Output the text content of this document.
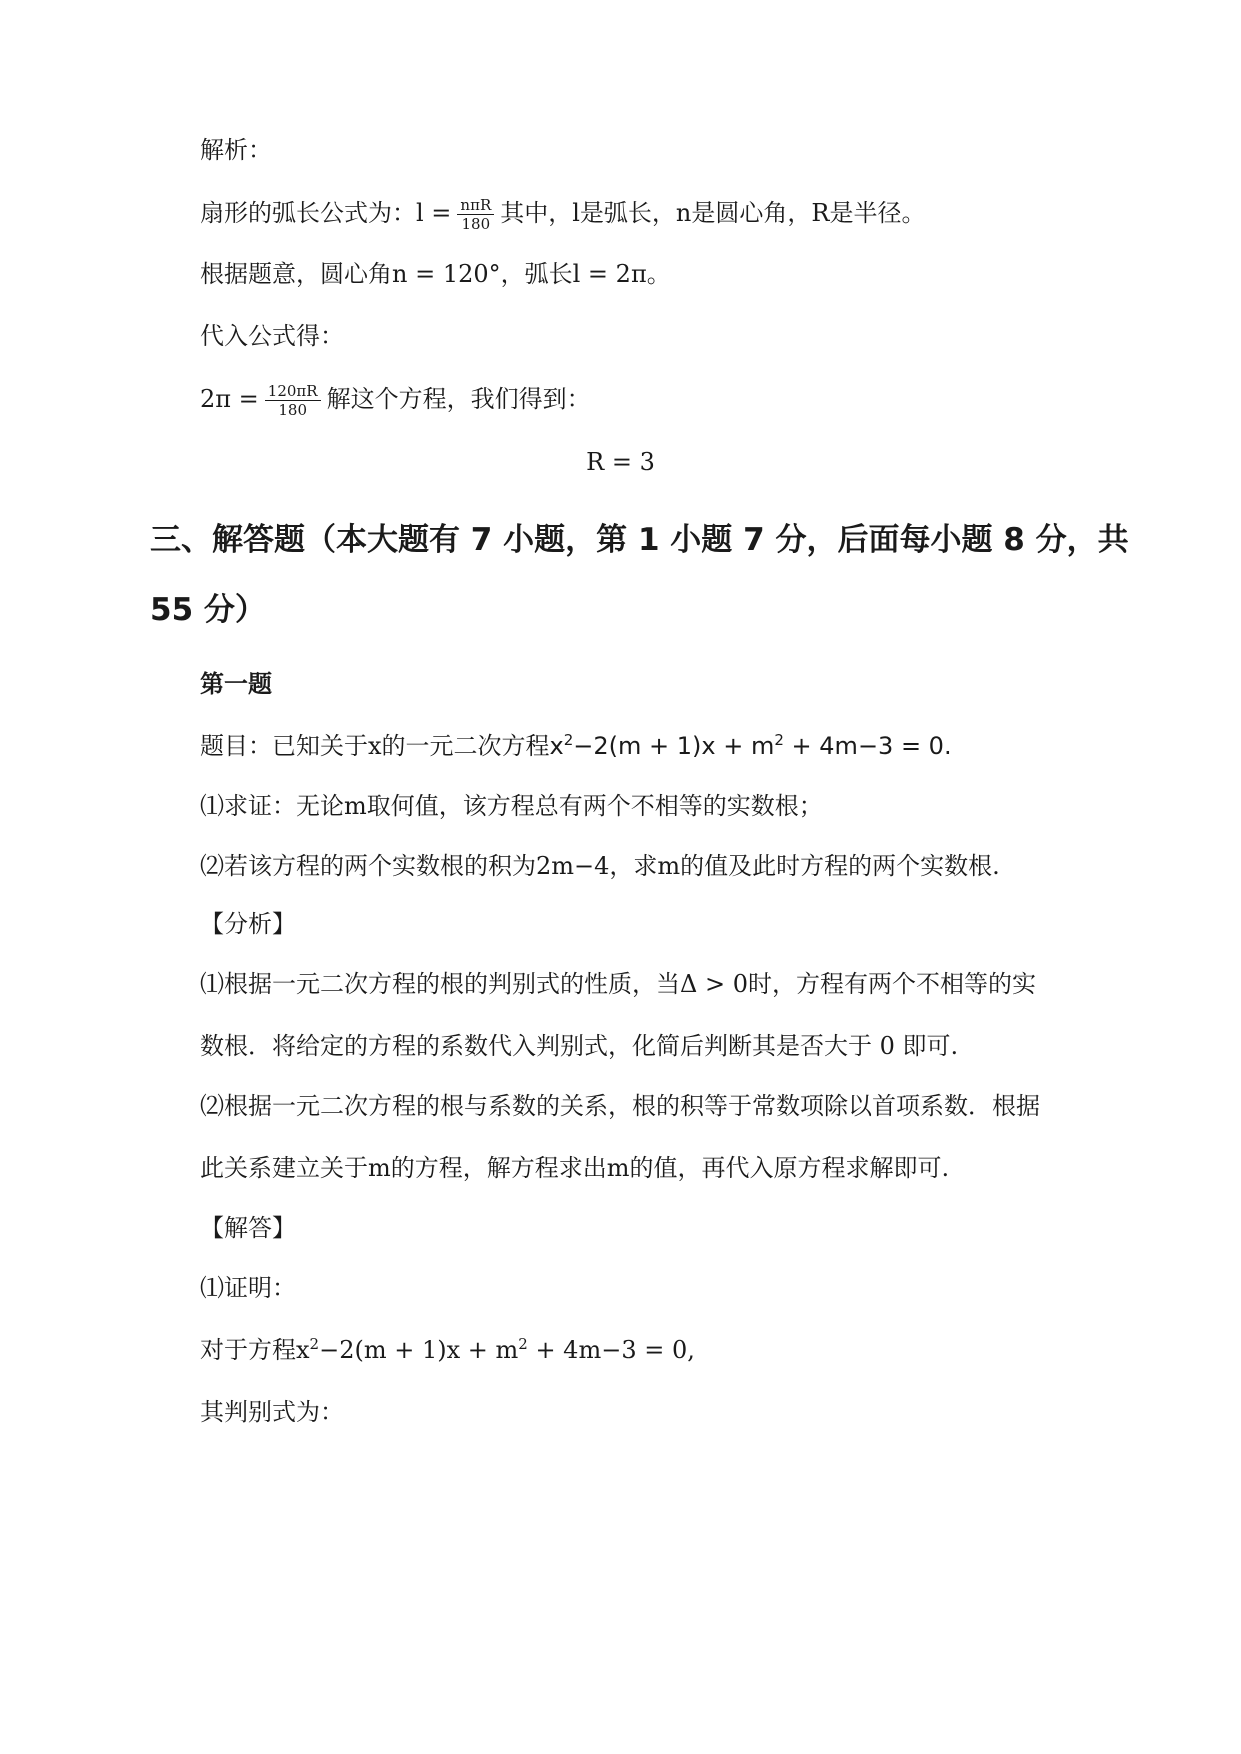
解析：
扇形的弧长公式为：$l = \frac{\text{nπR}}{180}$ 其中，l是弧长，n是圆心角，R是半径。
根据题意，圆心角n = 120°，弧长l = 2π。
代入公式得：
$2\pi = \frac{120\pi R}{180}$ 解这个方程，我们得到：
R = 3
三、解答题（本大题有 7 小题，第 1 小题 7 分，后面每小题 8 分，共
55 分）
第一题
题目：已知关于x的一元二次方程$x^2-2(m + 1)x + m^2 + 4m-3 = 0$.
⑴求证：无论m取何值，该方程总有两个不相等的实数根；
⑵若该方程的两个实数根的积为2m−4，求m的值及此时方程的两个实数根.
【分析】
⑴根据一元二次方程的根的判别式的性质，当Δ > 0时，方程有两个不相等的实
数根．将给定的方程的系数代入判别式，化简后判断其是否大于 0 即可.
⑵根据一元二次方程的根与系数的关系，根的积等于常数项除以首项系数．根据
此关系建立关于m的方程，解方程求出m的值，再代入原方程求解即可.
【解答】
⑴证明：
对于方程$x^2-2(m + 1)x + m^2 + 4m-3 = 0$,
其判别式为：
